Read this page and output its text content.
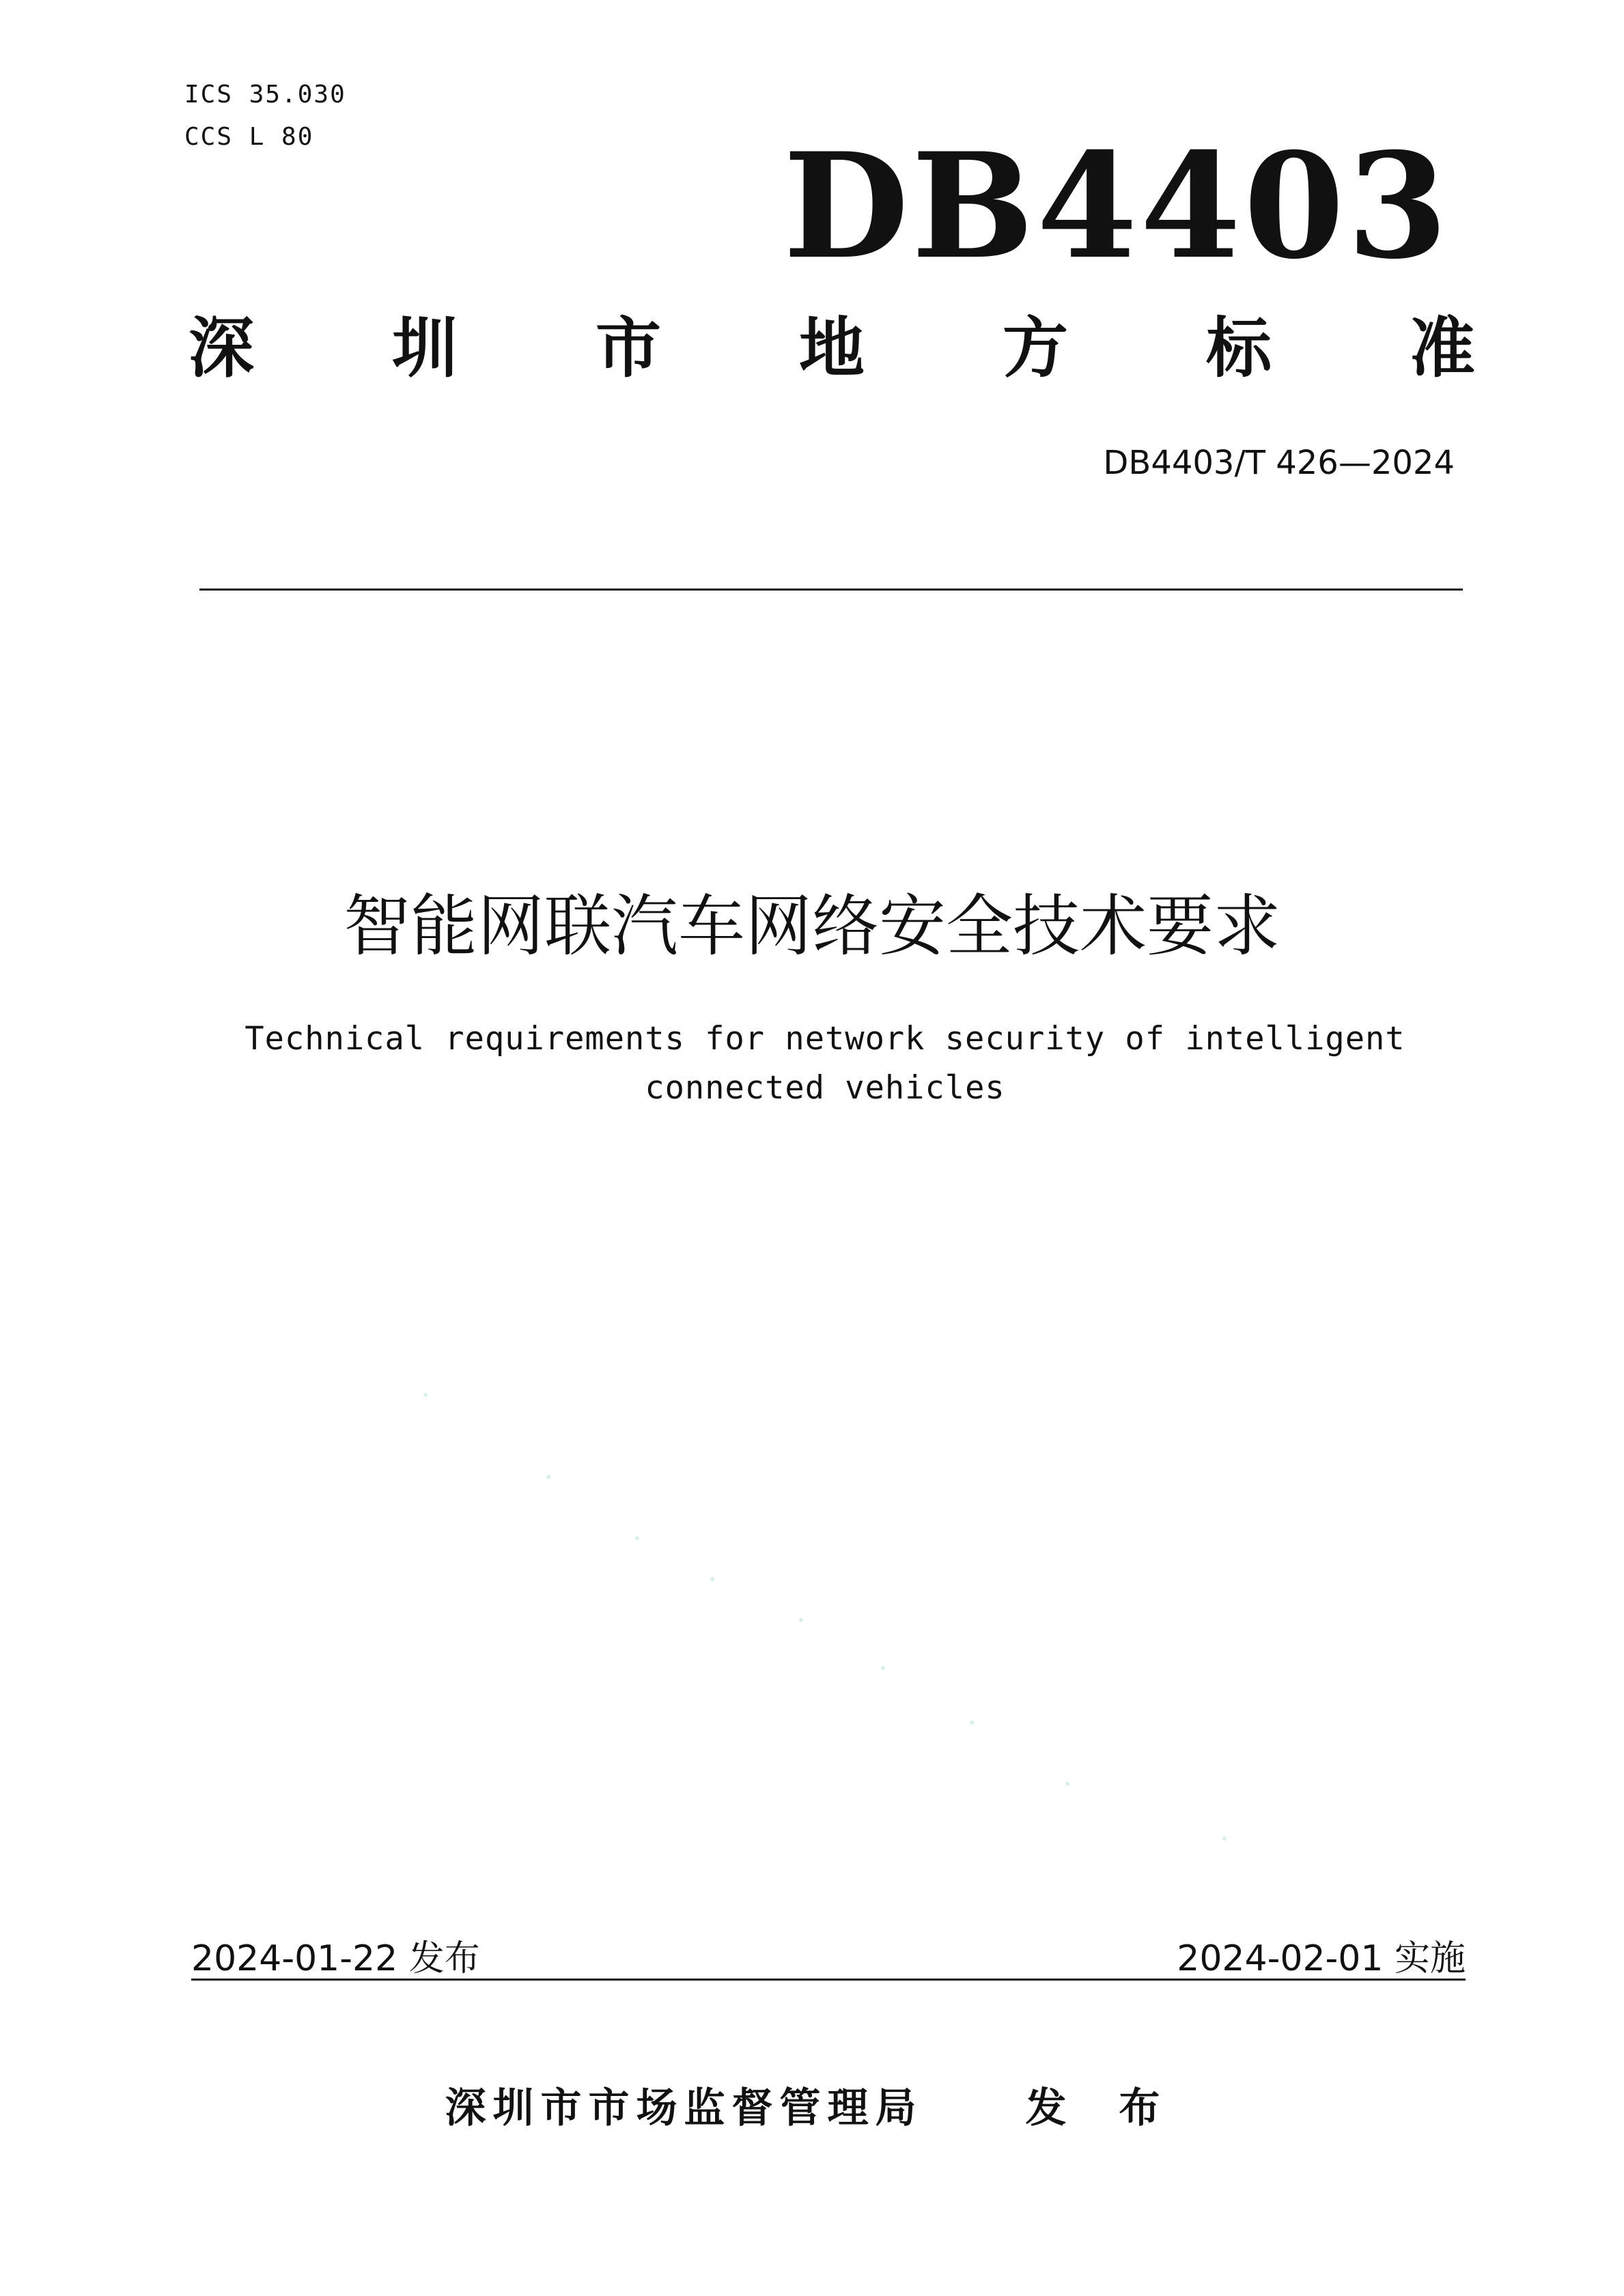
ICS 35.030
CCS L 80	DB4403
深 圳 市 地 方 标 准
DB4403/T 426—2024
智能网联汽车网络安全技术要求
Technical requirements for network security of intelligent connected vehicles
2024-01-22 发布	2024-02-01 实施
深圳市市场监督管理局	发 布
